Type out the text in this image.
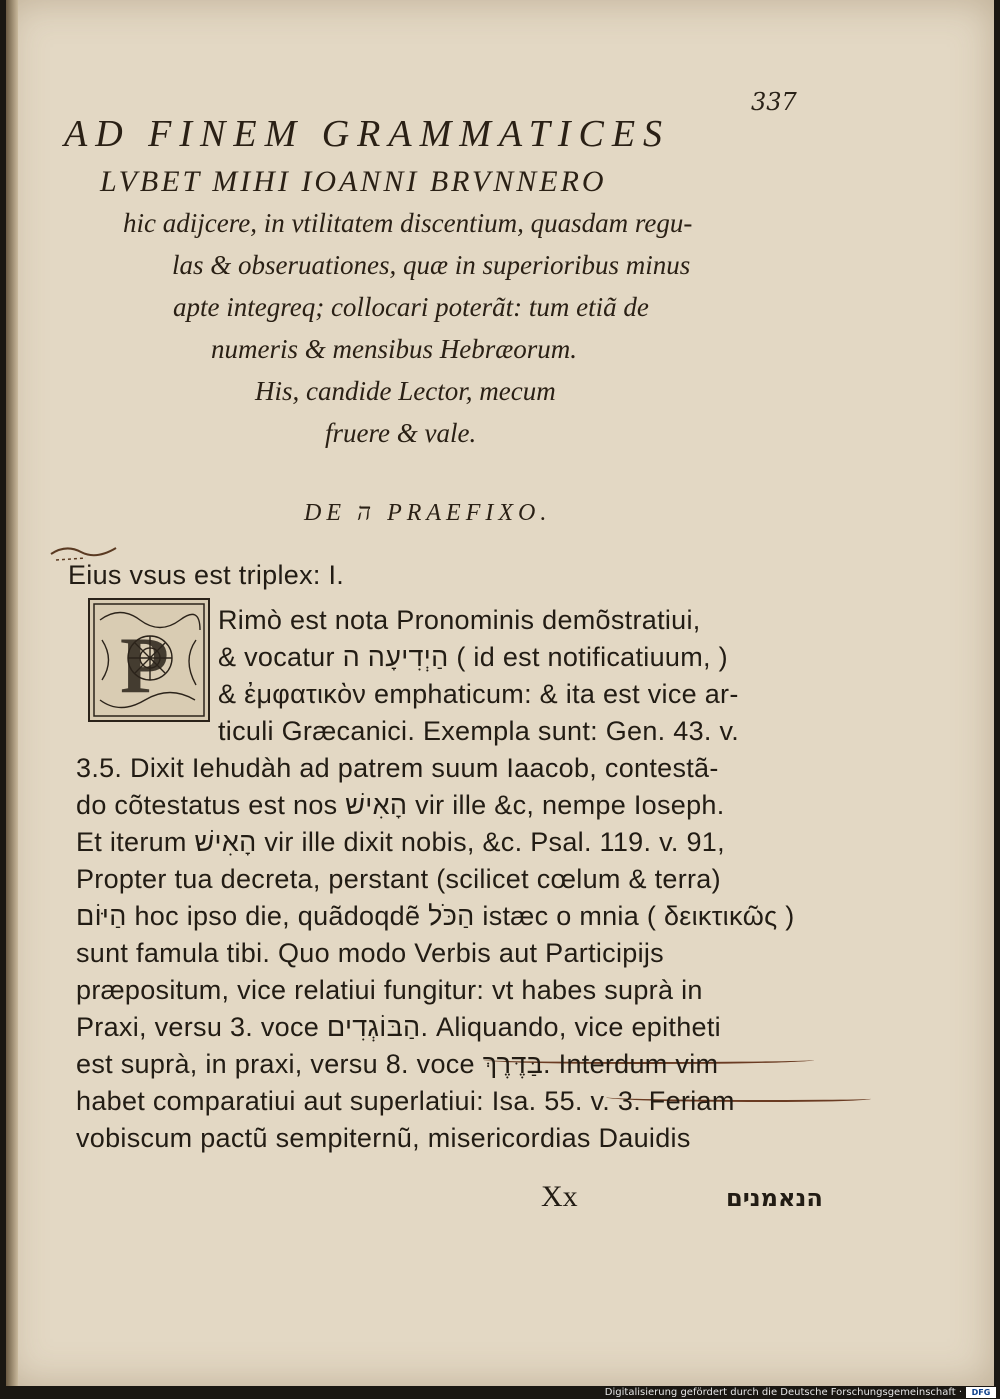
337
AD FINEM GRAMMATICES
LVBET MIHI IOANNI BRVNNERO
hic adijcere, in vtilitatem discentium, quasdam regu-
las & obseruationes, quæ in superioribus minus
apte integreq; collocari poterãt: tum etiã de
numeris & mensibus Hebræorum.
His, candide Lector, mecum
fruere & vale.
DE ה PRAEFIXO.
Eius vsus est triplex: I.
P
Rimò est nota Pronominis demõstratiui,
& vocatur הַיְדִיעָה ה ( id est notificatiuum, )
& ἐμφατικὸν emphaticum: & ita est vice ar-
ticuli Græcanici. Exempla sunt: Gen. 43. v.
3.5. Dixit Iehudàh ad patrem suum Iaacob, contestã-
do cõtestatus est nos הָאִישׁ vir ille &c, nempe Ioseph.
Et iterum הָאִישׁ vir ille dixit nobis, &c. Psal. 119. v. 91,
Propter tua decreta, perstant (scilicet cœlum & terra)
הַיּוֹם hoc ipso die, quãdoqdẽ הַכֹּל istæc o mnia ( δεικτικῶς )
sunt famula tibi. Quo modo Verbis aut Participijs
præpositum, vice relatiui fungitur: vt habes suprà in
Praxi, versu 3. voce הַבּוֹגְדִים. Aliquando, vice epitheti
est suprà, in praxi, versu 8. voce בַּדֶּרֶךְ. Interdum vim
habet comparatiui aut superlatiui: Isa. 55. v. 3. Feriam
vobiscum pactũ sempiternũ, misericordias Dauidis
Xx	הנאמנים
Digitalisierung gefördert durch die Deutsche Forschungsgemeinschaft ·	DFG
